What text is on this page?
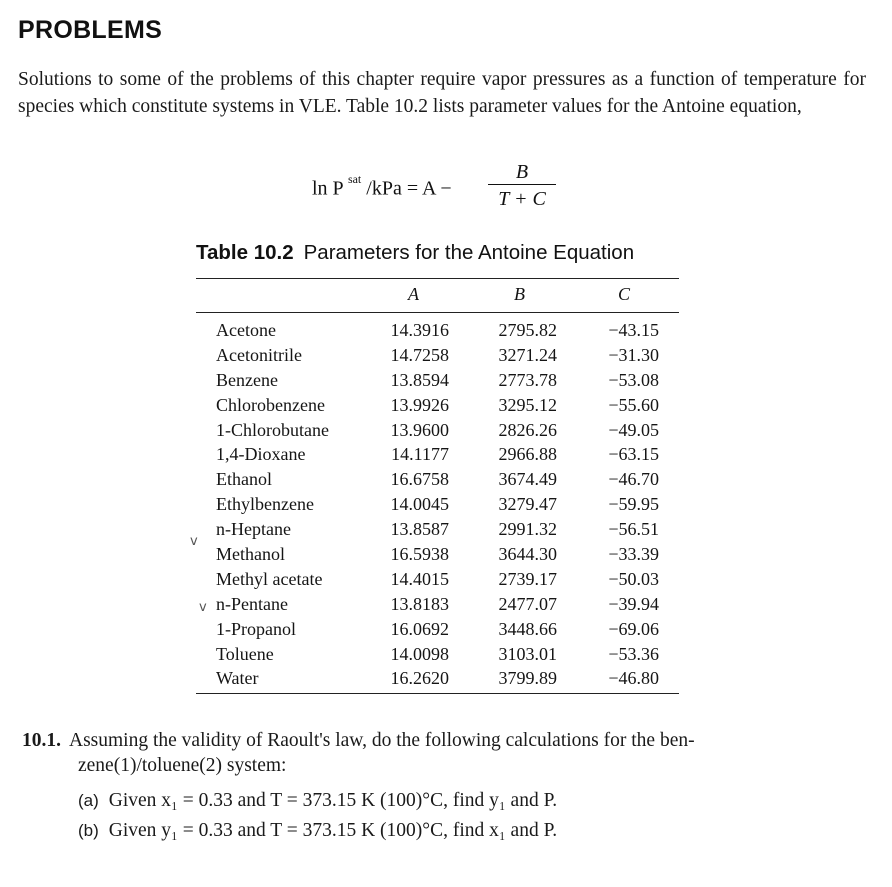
PROBLEMS
Solutions to some of the problems of this chapter require vapor pressures as a function of temperature for species which constitute systems in VLE. Table 10.2 lists parameter values for the Antoine equation,
ln P $^{sat}$ /kPa = A −
B
T + C
Table 10.2 Parameters for the Antoine Equation
A	B	C
Acetone	14.3916	2795.82	−43.15
Acetonitrile	14.7258	3271.24	−31.30
Benzene	13.8594	2773.78	−53.08
Chlorobenzene	13.9926	3295.12	−55.60
1-Chlorobutane	13.9600	2826.26	−49.05
1,4-Dioxane	14.1177	2966.88	−63.15
Ethanol	16.6758	3674.49	−46.70
Ethylbenzene	14.0045	3279.47	−59.95
n-Heptane	13.8587	2991.32	−56.51
Methanol	16.5938	3644.30	−33.39
Methyl acetate	14.4015	2739.17	−50.03
n-Pentane	13.8183	2477.07	−39.94
1-Propanol	16.0692	3448.66	−69.06
Toluene	14.0098	3103.01	−53.36
Water	16.2620	3799.89	−46.80
v
v
10.1. Assuming the validity of Raoult's law, do the following calculations for the ben-
zene(1)/toluene(2) system:
(a) Given x₁ = 0.33 and T = 373.15 K (100)°C, find y₁ and P.
(b) Given y₁ = 0.33 and T = 373.15 K (100)°C, find x₁ and P.
